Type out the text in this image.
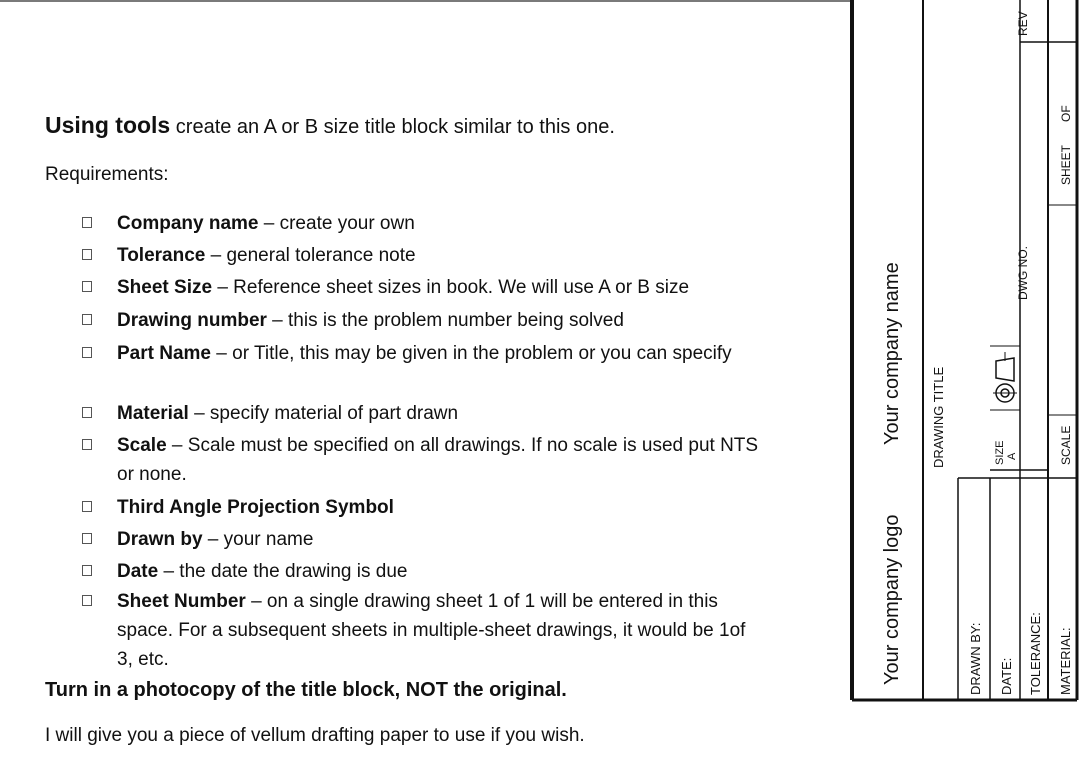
Using tools create an A or B size title block similar to this one.
Requirements:
Company name – create your own
Tolerance – general tolerance note
Sheet Size – Reference sheet sizes in book. We will use A or B size
Drawing number – this is the problem number being solved
Part Name – or Title, this may be given in the problem or you can specify
Material – specify material of part drawn
Scale – Scale must be specified on all drawings. If no scale is used put NTS or none.
Third Angle Projection Symbol
Drawn by – your name
Date – the date the drawing is due
Sheet Number – on a single drawing sheet 1 of 1 will be entered in this space. For a subsequent sheets in multiple-sheet drawings, it would be 1of 3, etc.
Turn in a photocopy of the title block, NOT the original.
I will give you a piece of vellum drafting paper to use if you wish.
Your company logo
Your company name DRAWING TITLE
DRAWN BY: DATE: TOLERANCE: MATERIAL:
SIZE A
DWG NO.
REV
SCALE
SHEET
OF
